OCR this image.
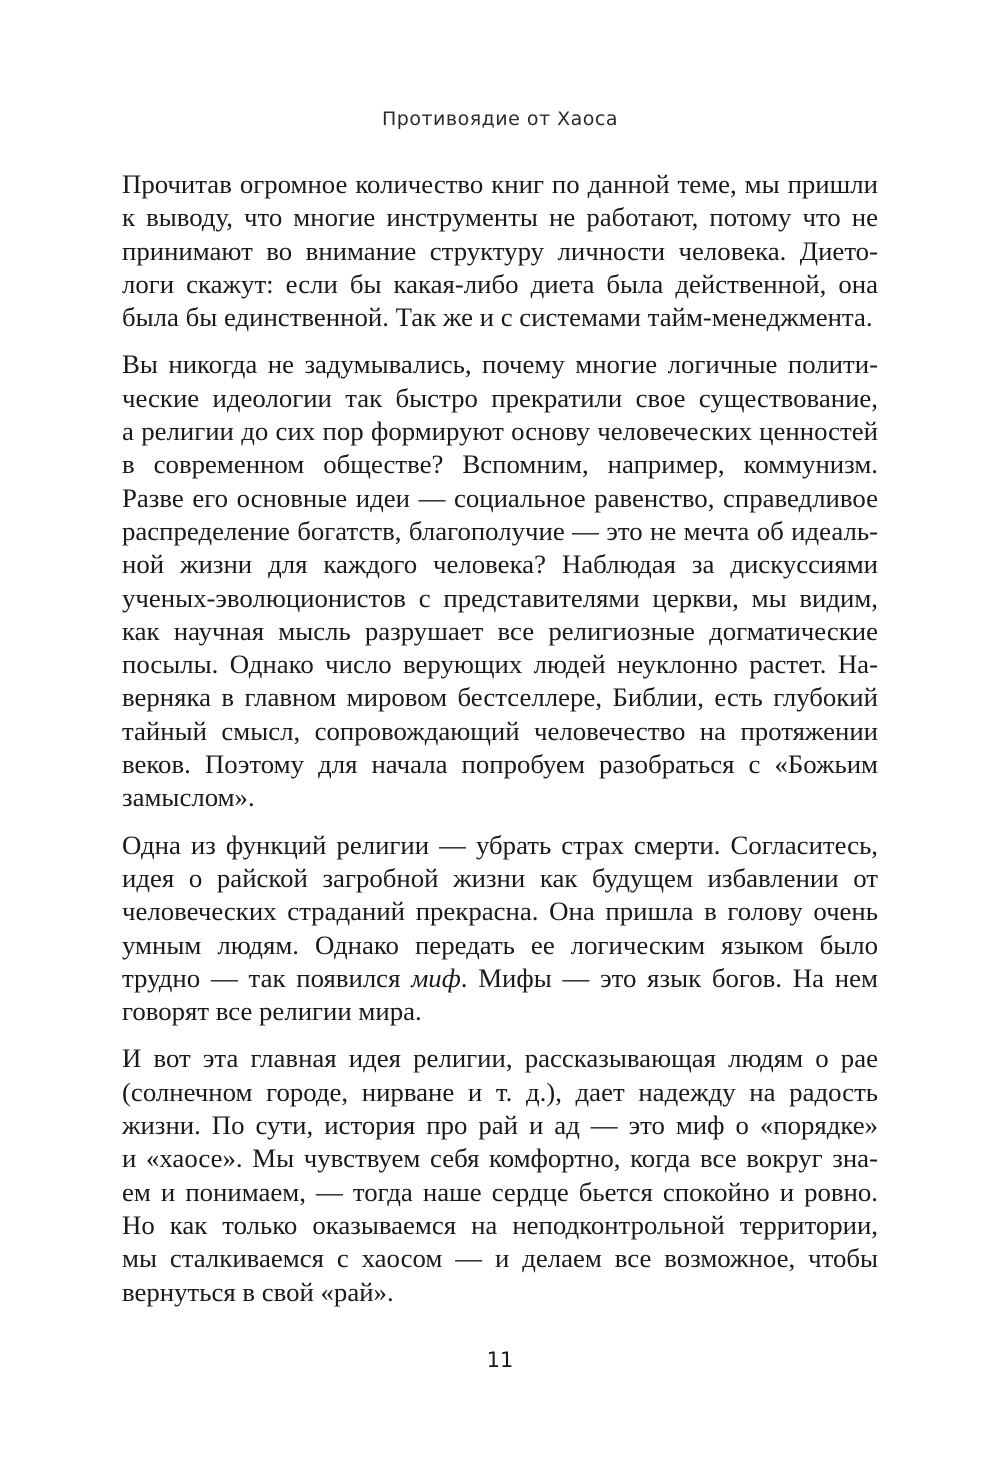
Противоядие от Хаоса

Прочитав огромное количество книг по данной теме, мы пришли
к выводу, что многие инструменты не работают, потому что не
принимают во внимание структуру личности человека. Дието-
логи скажут: если бы какая-либо диета была действенной, она
была бы единственной. Так же и с системами тайм-менеджмента.

Вы никогда не задумывались, почему многие логичные полити-
ческие идеологии так быстро прекратили свое существование,
а религии до сих пор формируют основу человеческих ценностей
в современном обществе? Вспомним, например, коммунизм.
Разве его основные идеи — социальное равенство, справедливое
распределение богатств, благополучие — это не мечта об идеаль-
ной жизни для каждого человека? Наблюдая за дискуссиями
ученых-эволюционистов с представителями церкви, мы видим,
как научная мысль разрушает все религиозные догматические
посылы. Однако число верующих людей неуклонно растет. На-
верняка в главном мировом бестселлере, Библии, есть глубокий
тайный смысл, сопровождающий человечество на протяжении
веков. Поэтому для начала попробуем разобраться с «Божьим
замыслом».

Одна из функций религии — убрать страх смерти. Согласитесь,
идея о райской загробной жизни как будущем избавлении от
человеческих страданий прекрасна. Она пришла в голову очень
умным людям. Однако передать ее логическим языком было
трудно — так появился миф. Мифы — это язык богов. На нем
говорят все религии мира.

И вот эта главная идея религии, рассказывающая людям о рае
(солнечном городе, нирване и т. д.), дает надежду на радость
жизни. По сути, история про рай и ад — это миф о «порядке»
и «хаосе». Мы чувствуем себя комфортно, когда все вокруг зна-
ем и понимаем, — тогда наше сердце бьется спокойно и ровно.
Но как только оказываемся на неподконтрольной территории,
мы сталкиваемся с хаосом — и делаем все возможное, чтобы
вернуться в свой «рай».

11
